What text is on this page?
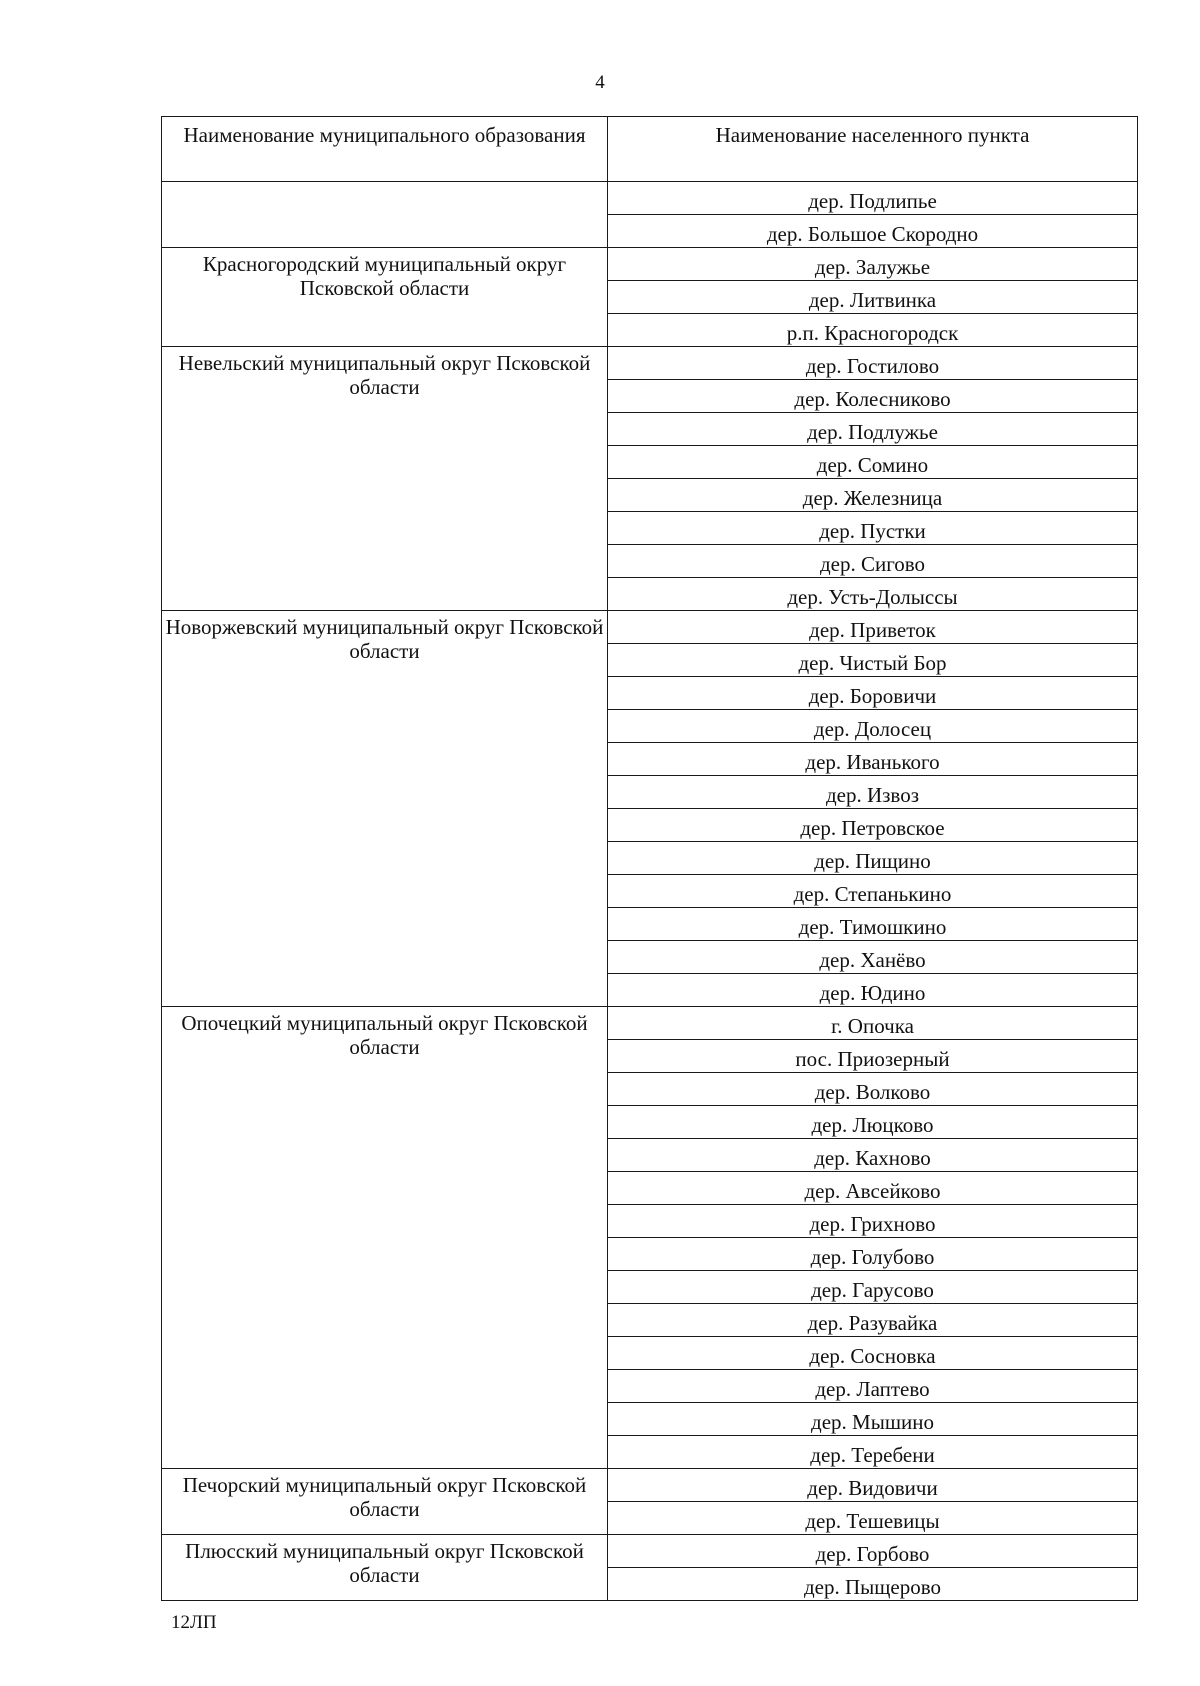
4
Наименование муниципального образования	Наименование населенного пункта
	дер. Подлипье
	дер. Большое Скородно
Красногородский муниципальный округ Псковской области	дер. Залужье
	дер. Литвинка
	р.п. Красногородск
Невельский муниципальный округ Псковской области	дер. Гостилово
	дер. Колесниково
	дер. Подлужье
	дер. Сомино
	дер. Железница
	дер. Пустки
	дер. Сигово
	дер. Усть-Долыссы
Новоржевский муниципальный округ Псковской области	дер. Приветок
	дер. Чистый Бор
	дер. Боровичи
	дер. Долосец
	дер. Иванького
	дер. Извоз
	дер. Петровское
	дер. Пищино
	дер. Степанькино
	дер. Тимошкино
	дер. Ханёво
	дер. Юдино
Опочецкий муниципальный округ Псковской области	г. Опочка
	пос. Приозерный
	дер. Волково
	дер. Люцково
	дер. Кахново
	дер. Авсейково
	дер. Грихново
	дер. Голубово
	дер. Гарусово
	дер. Разувайка
	дер. Сосновка
	дер. Лаптево
	дер. Мышино
	дер. Теребени
Печорский муниципальный округ Псковской области	дер. Видовичи
	дер. Тешевицы
Плюсский муниципальный округ Псковской области	дер. Горбово
	дер. Пыщерово
12ЛП
